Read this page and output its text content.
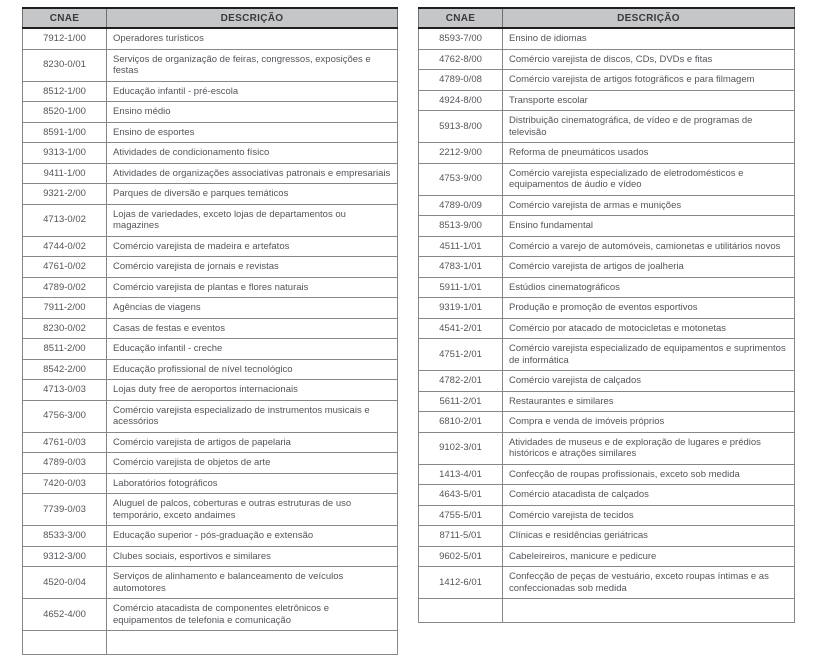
CNAE	DESCRIÇÃO
7912-1/00	Operadores turísticos
8230-0/01	Serviços de organização de feiras, congressos, exposições e festas
8512-1/00	Educação infantil - pré-escola
8520-1/00	Ensino médio
8591-1/00	Ensino de esportes
9313-1/00	Atividades de condicionamento físico
9411-1/00	Atividades de organizações associativas patronais e empresariais
9321-2/00	Parques de diversão e parques temáticos
4713-0/02	Lojas de variedades, exceto lojas de departamentos ou magazines
4744-0/02	Comércio varejista de madeira e artefatos
4761-0/02	Comércio varejista de jornais e revistas
4789-0/02	Comércio varejista de plantas e flores naturais
7911-2/00	Agências de viagens
8230-0/02	Casas de festas e eventos
8511-2/00	Educação infantil - creche
8542-2/00	Educação profissional de nível tecnológico
4713-0/03	Lojas duty free de aeroportos internacionais
4756-3/00	Comércio varejista especializado de instrumentos musicais e acessórios
4761-0/03	Comércio varejista de artigos de papelaria
4789-0/03	Comércio varejista de objetos de arte
7420-0/03	Laboratórios fotográficos
7739-0/03	Aluguel de palcos, coberturas e outras estruturas de uso temporário, exceto andaimes
8533-3/00	Educação superior - pós-graduação e extensão
9312-3/00	Clubes sociais, esportivos e similares
4520-0/04	Serviços de alinhamento e balanceamento de veículos automotores
4652-4/00	Comércio atacadista de componentes eletrônicos e equipamentos de telefonia e comunicação

CNAE	DESCRIÇÃO
8593-7/00	Ensino de idiomas
4762-8/00	Comércio varejista de discos, CDs, DVDs e fitas
4789-0/08	Comércio varejista de artigos fotográficos e para filmagem
4924-8/00	Transporte escolar
5913-8/00	Distribuição cinematográfica, de vídeo e de programas de televisão
2212-9/00	Reforma de pneumáticos usados
4753-9/00	Comércio varejista especializado de eletrodomésticos e equipamentos de áudio e vídeo
4789-0/09	Comércio varejista de armas e munições
8513-9/00	Ensino fundamental
4511-1/01	Comércio a varejo de automóveis, camionetas e utilitários novos
4783-1/01	Comércio varejista de artigos de joalheria
5911-1/01	Estúdios cinematográficos
9319-1/01	Produção e promoção de eventos esportivos
4541-2/01	Comércio por atacado de motocicletas e motonetas
4751-2/01	Comércio varejista especializado de equipamentos e suprimentos de informática
4782-2/01	Comércio varejista de calçados
5611-2/01	Restaurantes e similares
6810-2/01	Compra e venda de imóveis próprios
9102-3/01	Atividades de museus e de exploração de lugares e prédios históricos e atrações similares
1413-4/01	Confecção de roupas profissionais, exceto sob medida
4643-5/01	Comércio atacadista de calçados
4755-5/01	Comércio varejista de tecidos
8711-5/01	Clínicas e residências geriátricas
9602-5/01	Cabeleireiros, manicure e pedicure
1412-6/01	Confecção de peças de vestuário, exceto roupas íntimas e as confeccionadas sob medida
